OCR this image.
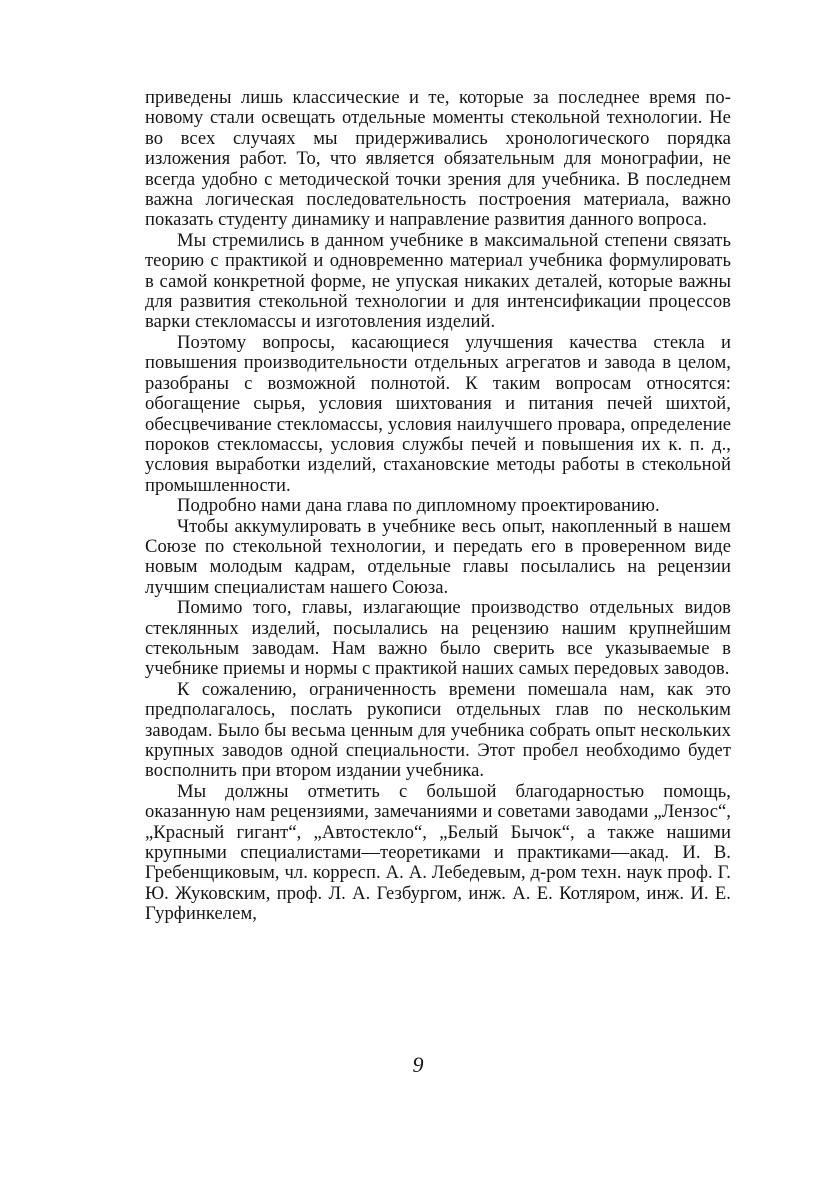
приведены лишь классические и те, которые за последнее время по-новому стали освещать отдельные моменты стекольной технологии. Не во всех случаях мы придерживались хронологического порядка изложения работ. То, что является обязательным для монографии, не всегда удобно с методической точки зрения для учебника. В последнем важна логическая последовательность построения материала, важно показать студенту динамику и направление развития данного вопроса.

Мы стремились в данном учебнике в максимальной степени связать теорию с практикой и одновременно материал учебника формулировать в самой конкретной форме, не упуская никаких деталей, которые важны для развития стекольной технологии и для интенсификации процессов варки стекломассы и изготовления изделий.

Поэтому вопросы, касающиеся улучшения качества стекла и повышения производительности отдельных агрегатов и завода в целом, разобраны с возможной полнотой. К таким вопросам относятся: обогащение сырья, условия шихтования и питания печей шихтой, обесцвечивание стекломассы, условия наилучшего провара, определение пороков стекломассы, условия службы печей и повышения их к. п. д., условия выработки изделий, стахановские методы работы в стекольной промышленности.

Подробно нами дана глава по дипломному проектированию.

Чтобы аккумулировать в учебнике весь опыт, накопленный в нашем Союзе по стекольной технологии, и передать его в проверенном виде новым молодым кадрам, отдельные главы посылались на рецензии лучшим специалистам нашего Союза.

Помимо того, главы, излагающие производство отдельных видов стеклянных изделий, посылались на рецензию нашим крупнейшим стекольным заводам. Нам важно было сверить все указываемые в учебнике приемы и нормы с практикой наших самых передовых заводов.

К сожалению, ограниченность времени помешала нам, как это предполагалось, послать рукописи отдельных глав по нескольким заводам. Было бы весьма ценным для учебника собрать опыт нескольких крупных заводов одной специальности. Этот пробел необходимо будет восполнить при втором издании учебника.

Мы должны отметить с большой благодарностью помощь, оказанную нам рецензиями, замечаниями и советами заводами „Лензос“, „Красный гигант“, „Автостекло“, „Белый Бычок“, а также нашими крупными специалистами—теоретиками и практиками—акад. И. В. Гребенщиковым, чл. корресп. А. А. Лебедевым, д-ром техн. наук проф. Г. Ю. Жуковским, проф. Л. А. Гезбургом, инж. А. Е. Котляром, инж. И. Е. Гурфинкелем,

9
